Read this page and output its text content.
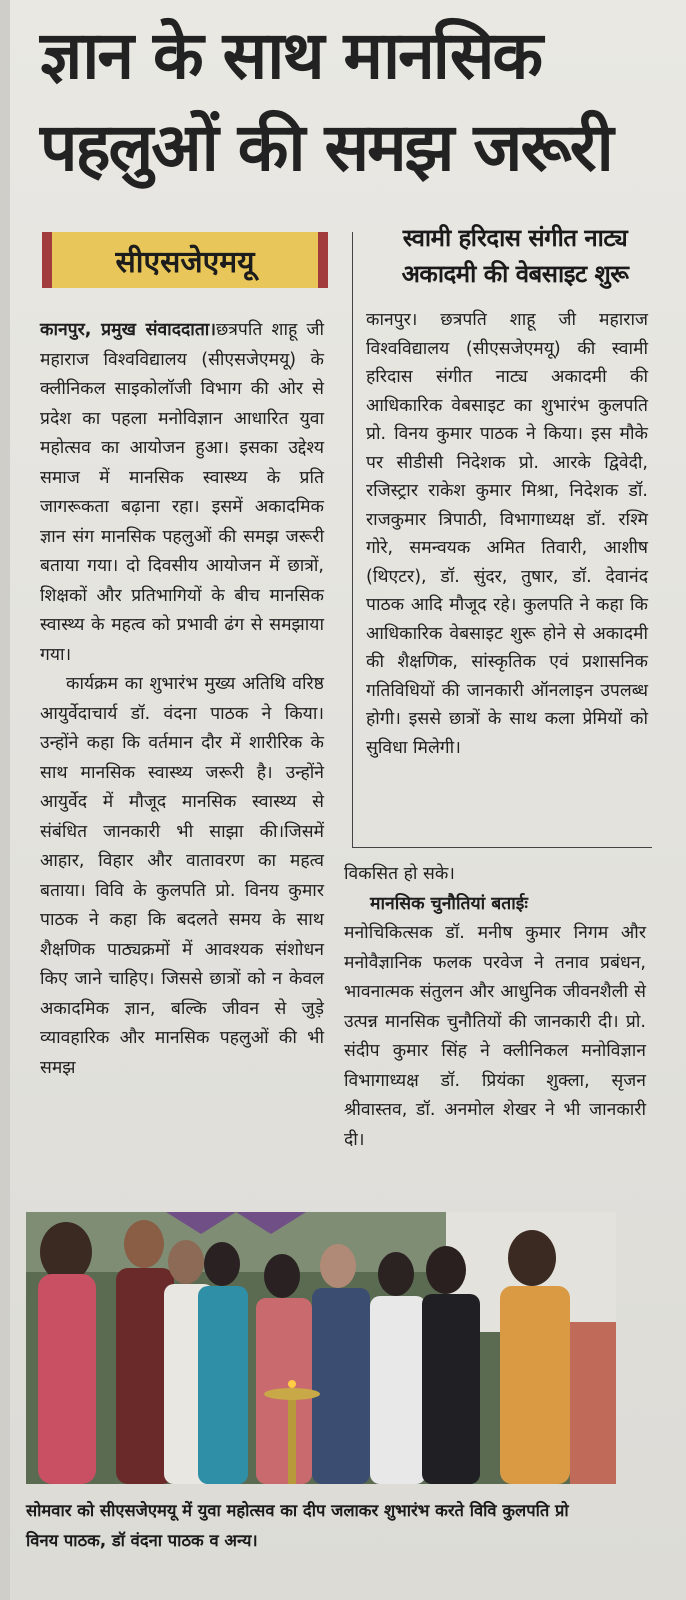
ज्ञान के साथ मानसिक
पहलुओं की समझ जरूरी
सीएसजेएमयू

कानपुर, प्रमुख संवाददाता।छत्रपति शाहू जी महाराज विश्वविद्यालय (सीएसजेएमयू) के क्लीनिकल साइकोलॉजी विभाग की ओर से प्रदेश का पहला मनोविज्ञान आधारित युवा महोत्सव का आयोजन हुआ। इसका उद्देश्य समाज में मानसिक स्वास्थ्य के प्रति जागरूकता बढ़ाना रहा। इसमें अकादमिक ज्ञान संग मानसिक पहलुओं की समझ जरूरी बताया गया। दो दिवसीय आयोजन में छात्रों, शिक्षकों और प्रतिभागियों के बीच मानसिक स्वास्थ्य के महत्व को प्रभावी ढंग से समझाया गया।

कार्यक्रम का शुभारंभ मुख्य अतिथि वरिष्ठ आयुर्वेदाचार्य डॉ. वंदना पाठक ने किया। उन्होंने कहा कि वर्तमान दौर में शारीरिक के साथ मानसिक स्वास्थ्य जरूरी है। उन्होंने आयुर्वेद में मौजूद मानसिक स्वास्थ्य से संबंधित जानकारी भी साझा की।जिसमें आहार, विहार और वातावरण का महत्व बताया। विवि के कुलपति प्रो. विनय कुमार पाठक ने कहा कि बदलते समय के साथ शैक्षणिक पाठ्यक्रमों में आवश्यक संशोधन किए जाने चाहिए। जिससे छात्रों को न केवल अकादमिक ज्ञान, बल्कि जीवन से जुड़े व्यावहारिक और मानसिक पहलुओं की भी समझ

स्वामी हरिदास संगीत नाट्य अकादमी की वेबसाइट शुरू

कानपुर। छत्रपति शाहू जी महाराज विश्वविद्यालय (सीएसजेएमयू) की स्वामी हरिदास संगीत नाट्य अकादमी की आधिकारिक वेबसाइट का शुभारंभ कुलपति प्रो. विनय कुमार पाठक ने किया। इस मौके पर सीडीसी निदेशक प्रो. आरके द्विवेदी, रजिस्ट्रार राकेश कुमार मिश्रा, निदेशक डॉ. राजकुमार त्रिपाठी, विभागाध्यक्ष डॉ. रश्मि गोरे, समन्वयक अमित तिवारी, आशीष (थिएटर), डॉ. सुंदर, तुषार, डॉ. देवानंद पाठक आदि मौजूद रहे। कुलपति ने कहा कि आधिकारिक वेबसाइट शुरू होने से अकादमी की शैक्षणिक, सांस्कृतिक एवं प्रशासनिक गतिविधियों की जानकारी ऑनलाइन उपलब्ध होगी। इससे छात्रों के साथ कला प्रेमियों को सुविधा मिलेगी।

विकसित हो सके।

मानसिक चुनौतियां बताईः

मनोचिकित्सक डॉ. मनीष कुमार निगम और मनोवैज्ञानिक फलक परवेज ने तनाव प्रबंधन, भावनात्मक संतुलन और आधुनिक जीवनशैली से उत्पन्न मानसिक चुनौतियों की जानकारी दी। प्रो. संदीप कुमार सिंह ने क्लीनिकल मनोविज्ञान विभागाध्यक्ष डॉ. प्रियंका शुक्ला, सृजन श्रीवास्तव, डॉ. अनमोल शेखर ने भी जानकारी दी।

सोमवार को सीएसजेएमयू में युवा महोत्सव का दीप जलाकर शुभारंभ करते विवि कुलपति प्रो विनय पाठक, डॉ वंदना पाठक व अन्य।
